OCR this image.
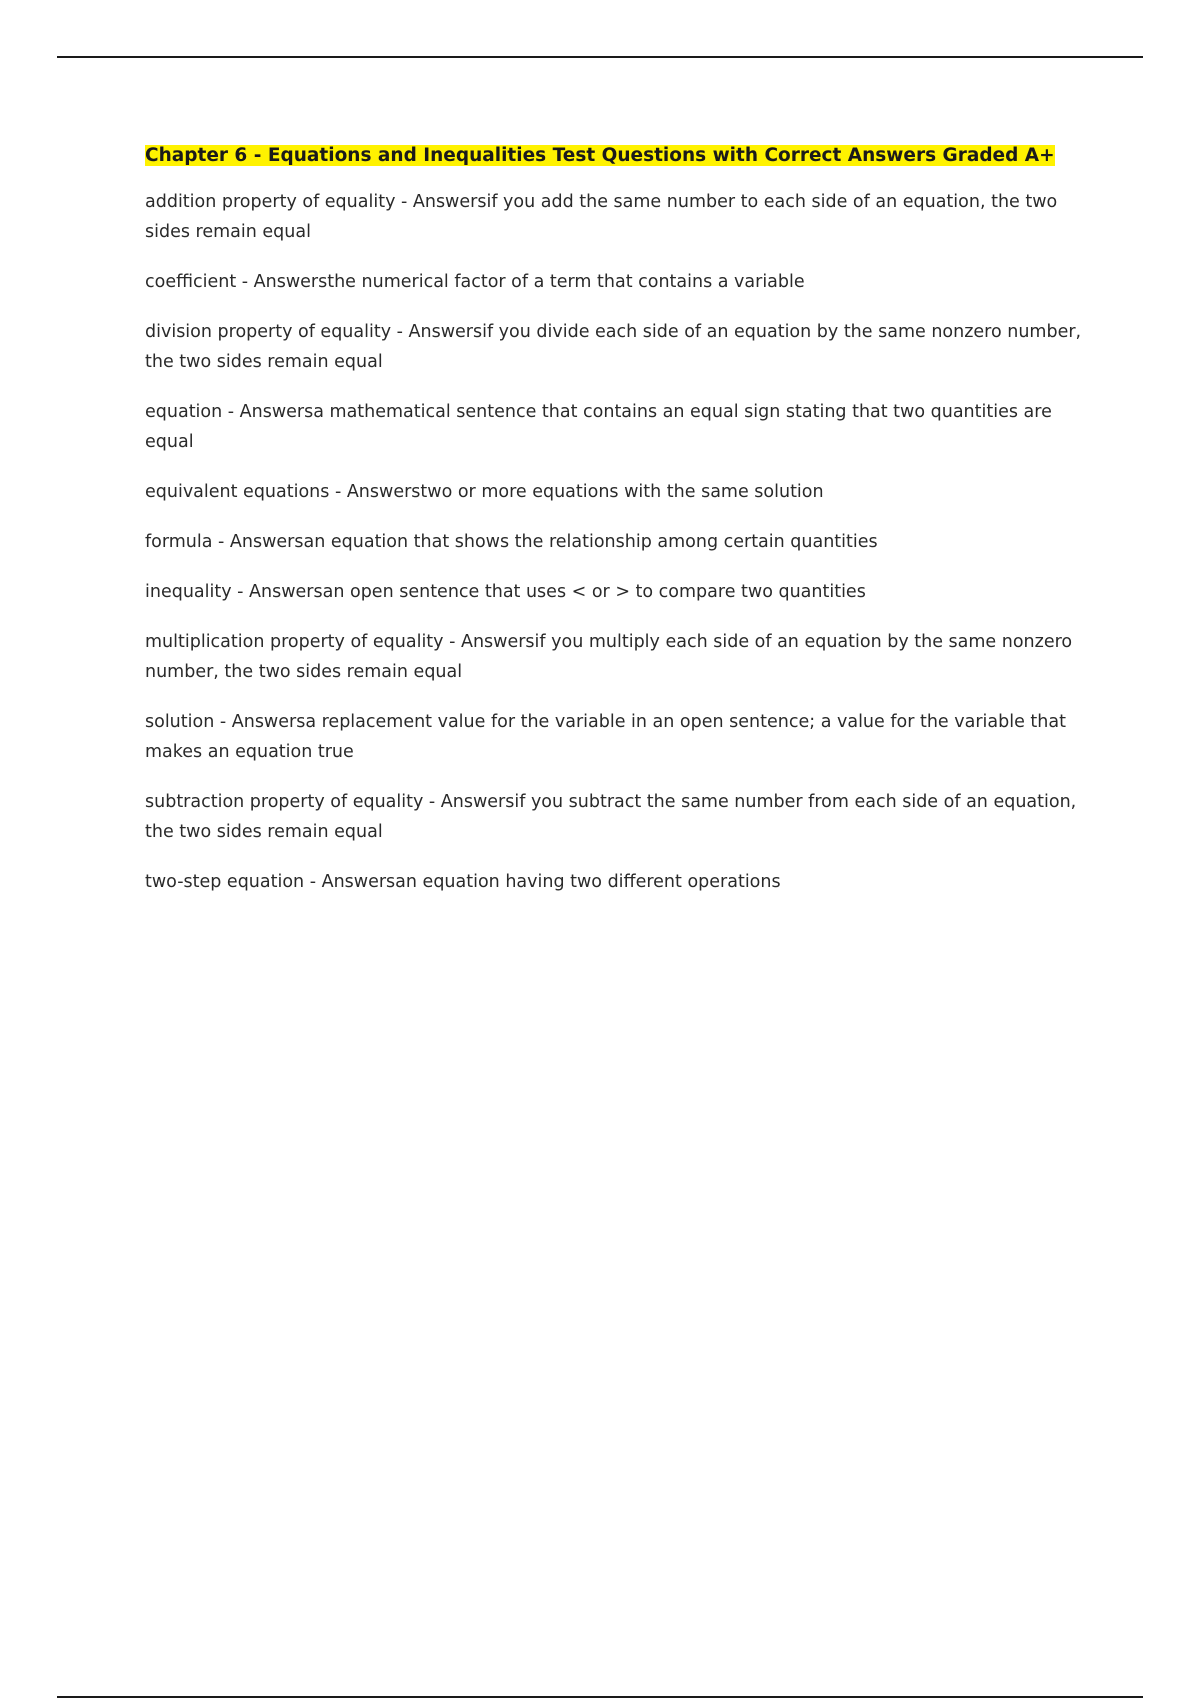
Chapter 6 - Equations and Inequalities Test Questions with Correct Answers Graded A+
addition property of equality - Answersif you add the same number to each side of an equation, the two sides remain equal
coefficient - Answersthe numerical factor of a term that contains a variable
division property of equality - Answersif you divide each side of an equation by the same nonzero number, the two sides remain equal
equation - Answersa mathematical sentence that contains an equal sign stating that two quantities are equal
equivalent equations - Answerstwo or more equations with the same solution
formula - Answersan equation that shows the relationship among certain quantities
inequality - Answersan open sentence that uses < or > to compare two quantities
multiplication property of equality - Answersif you multiply each side of an equation by the same nonzero number, the two sides remain equal
solution - Answersa replacement value for the variable in an open sentence; a value for the variable that makes an equation true
subtraction property of equality - Answersif you subtract the same number from each side of an equation, the two sides remain equal
two-step equation - Answersan equation having two different operations
